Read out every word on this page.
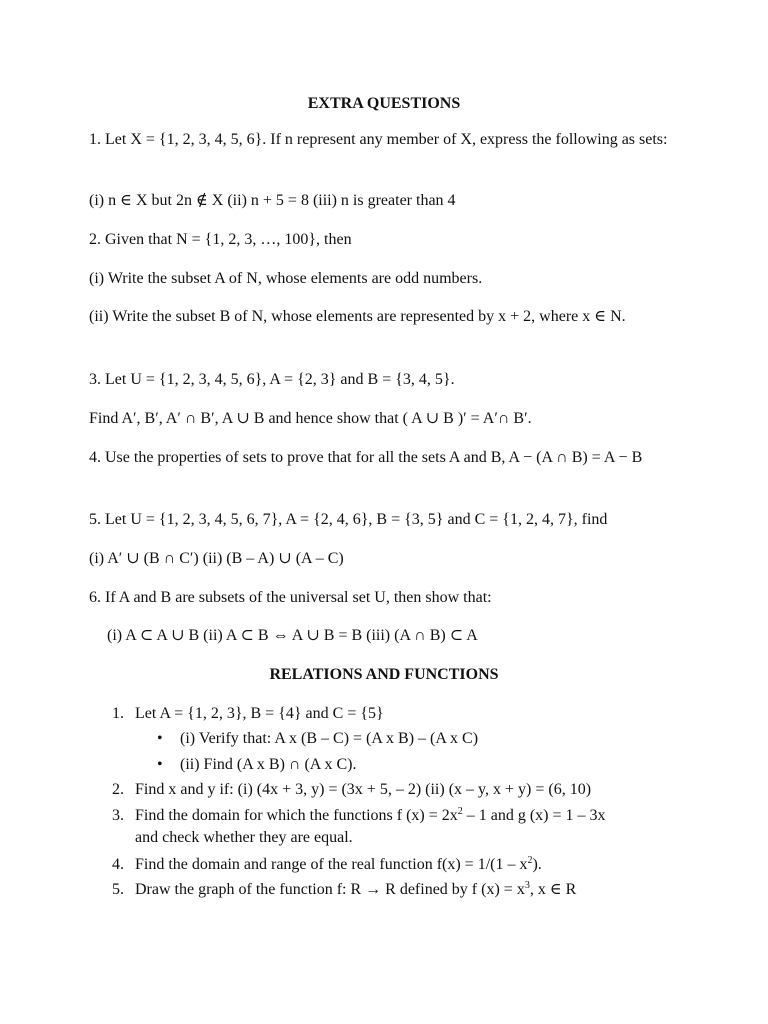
EXTRA QUESTIONS

1. Let X = {1, 2, 3, 4, 5, 6}. If n represent any member of X, express the following as sets:

(i) n ∈ X but 2n ∉ X (ii) n + 5 = 8 (iii) n is greater than 4

2. Given that N = {1, 2, 3, …, 100}, then

(i) Write the subset A of N, whose elements are odd numbers.

(ii) Write the subset B of N, whose elements are represented by x + 2, where x ∈ N.

3. Let U = {1, 2, 3, 4, 5, 6}, A = {2, 3} and B = {3, 4, 5}.

Find A′, B′, A′ ∩ B′, A ∪ B and hence show that ( A ∪ B )′ = A′∩ B′.

4. Use the properties of sets to prove that for all the sets A and B, A − (A ∩ B) = A − B

5. Let U = {1, 2, 3, 4, 5, 6, 7}, A = {2, 4, 6}, B = {3, 5} and C = {1, 2, 4, 7}, find

(i) A′ ∪ (B ∩ C′) (ii) (B – A) ∪ (A – C)

6. If A and B are subsets of the universal set U, then show that:

(i) A ⊂ A ∪ B (ii) A ⊂ B ⇔ A ∪ B = B (iii) (A ∩ B) ⊂ A

RELATIONS AND FUNCTIONS
1. Let A = {1, 2, 3}, B = {4} and C = {5}
• (i) Verify that: A x (B – C) = (A x B) – (A x C)
• (ii) Find (A x B) ∩ (A x C).
2. Find x and y if: (i) (4x + 3, y) = (3x + 5, – 2) (ii) (x – y, x + y) = (6, 10)
3. Find the domain for which the functions f $(x) = 2x^2 - 1$ and g (x) = 1 – 3x
and check whether they are equal.
4. Find the domain and range of the real function $f(x) = 1/(1 - x^2)$.
5. Draw the graph of the function f: R → R defined by f $(x) = x^3$, x ∈ R
